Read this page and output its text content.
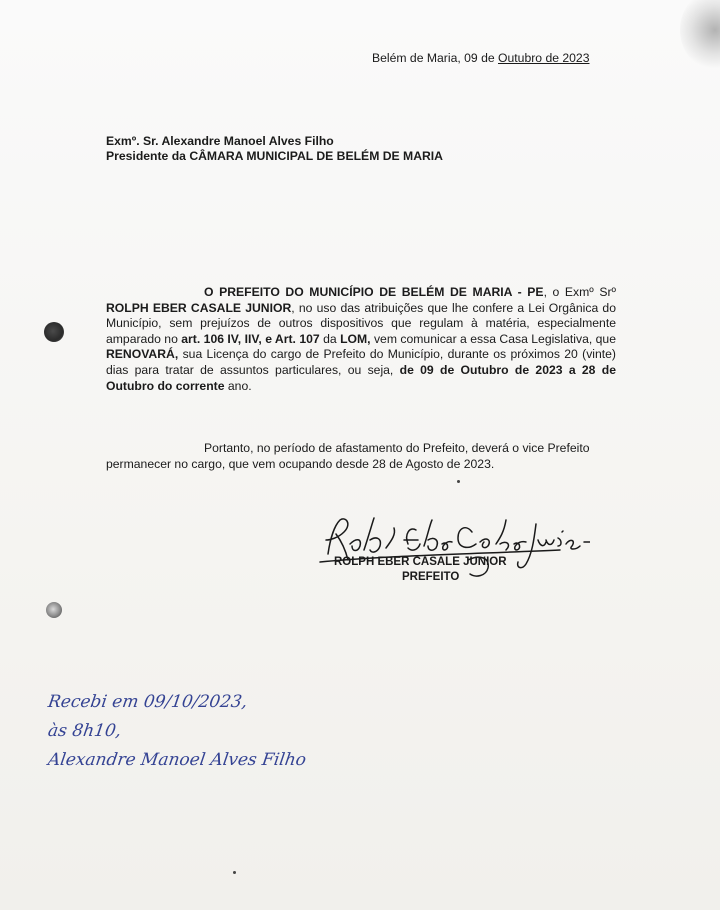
Belém de Maria, 09 de Outubro de 2023
Exmº. Sr. Alexandre Manoel Alves Filho
Presidente da CÂMARA MUNICIPAL DE BELÉM DE MARIA
O PREFEITO DO MUNICÍPIO DE BELÉM DE MARIA - PE, o Exmº Srº ROLPH EBER CASALE JUNIOR, no uso das atribuições que lhe confere a Lei Orgânica do Município, sem prejuízos de outros dispositivos que regulam à matéria, especialmente amparado no art. 106 IV, IIV, e Art. 107 da LOM, vem comunicar a essa Casa Legislativa, que RENOVARÁ, sua Licença do cargo de Prefeito do Município, durante os próximos 20 (vinte) dias para tratar de assuntos particulares, ou seja, de 09 de Outubro de 2023 a 28 de Outubro do corrente ano.
Portanto, no período de afastamento do Prefeito, deverá o vice Prefeito permanecer no cargo, que vem ocupando desde 28 de Agosto de 2023.
ROLPH EBER CASALE JUNIOR
PREFEITO
Recebi em 09/10/2023,
às 8h10,
Alexandre Manoel Alves Filho
